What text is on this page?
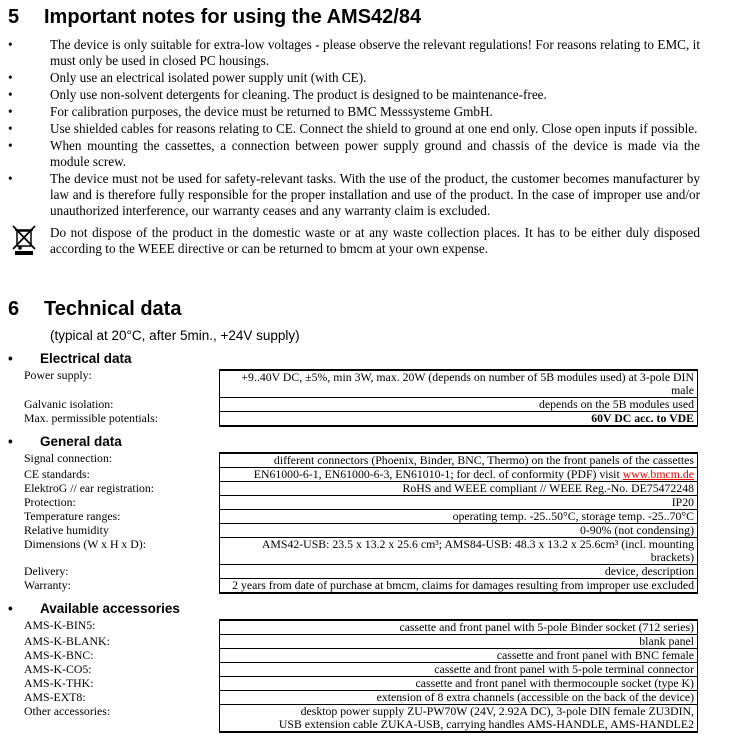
5 Important notes for using the AMS42/84
•	The device is only suitable for extra-low voltages - please observe the relevant regulations! For reasons relating to EMC, it must only be used in closed PC housings.
•	Only use an electrical isolated power supply unit (with CE).
•	Only use non-solvent detergents for cleaning. The product is designed to be maintenance-free.
•	For calibration purposes, the device must be returned to BMC Messsysteme GmbH.
•	Use shielded cables for reasons relating to CE. Connect the shield to ground at one end only. Close open inputs if possible.
•	When mounting the cassettes, a connection between power supply ground and chassis of the device is made via the module screw.
•	The device must not be used for safety-relevant tasks. With the use of the product, the customer becomes manufacturer by law and is therefore fully responsible for the proper installation and use of the product. In the case of improper use and/or unauthorized interference, our warranty ceases and any warranty claim is excluded.
Do not dispose of the product in the domestic waste or at any waste collection places. It has to be either duly disposed according to the WEEE directive or can be returned to bmcm at your own expense.
6 Technical data
(typical at 20°C, after 5min., +24V supply)
• Electrical data
Power supply:	+9..40V DC, ±5%, min 3W, max. 20W (depends on number of 5B modules used) at 3-pole DIN male
Galvanic isolation:	depends on the 5B modules used
Max. permissible potentials:	60V DC acc. to VDE
• General data
Signal connection:	different connectors (Phoenix, Binder, BNC, Thermo) on the front panels of the cassettes
CE standards:	EN61000-6-1, EN61000-6-3, EN61010-1; for decl. of conformity (PDF) visit www.bmcm.de
ElektroG // ear registration:	RoHS and WEEE compliant // WEEE Reg.-No. DE75472248
Protection:	IP20
Temperature ranges:	operating temp. -25..50°C, storage temp. -25..70°C
Relative humidity	0-90% (not condensing)
Dimensions (W x H x D):	AMS42-USB: 23.5 x 13.2 x 25.6 cm³; AMS84-USB: 48.3 x 13.2 x 25.6cm³ (incl. mounting brackets)
Delivery:	device, description
Warranty:	2 years from date of purchase at bmcm, claims for damages resulting from improper use excluded
• Available accessories
AMS-K-BIN5:	cassette and front panel with 5-pole Binder socket (712 series)
AMS-K-BLANK:	blank panel
AMS-K-BNC:	cassette and front panel with BNC female
AMS-K-CO5:	cassette and front panel with 5-pole terminal connector
AMS-K-THK:	cassette and front panel with thermocouple socket (type K)
AMS-EXT8:	extension of 8 extra channels (accessible on the back of the device)
Other accessories:	desktop power supply ZU-PW70W (24V, 2.92A DC), 3-pole DIN female ZU3DIN,
USB extension cable ZUKA-USB, carrying handles AMS-HANDLE, AMS-HANDLE2
